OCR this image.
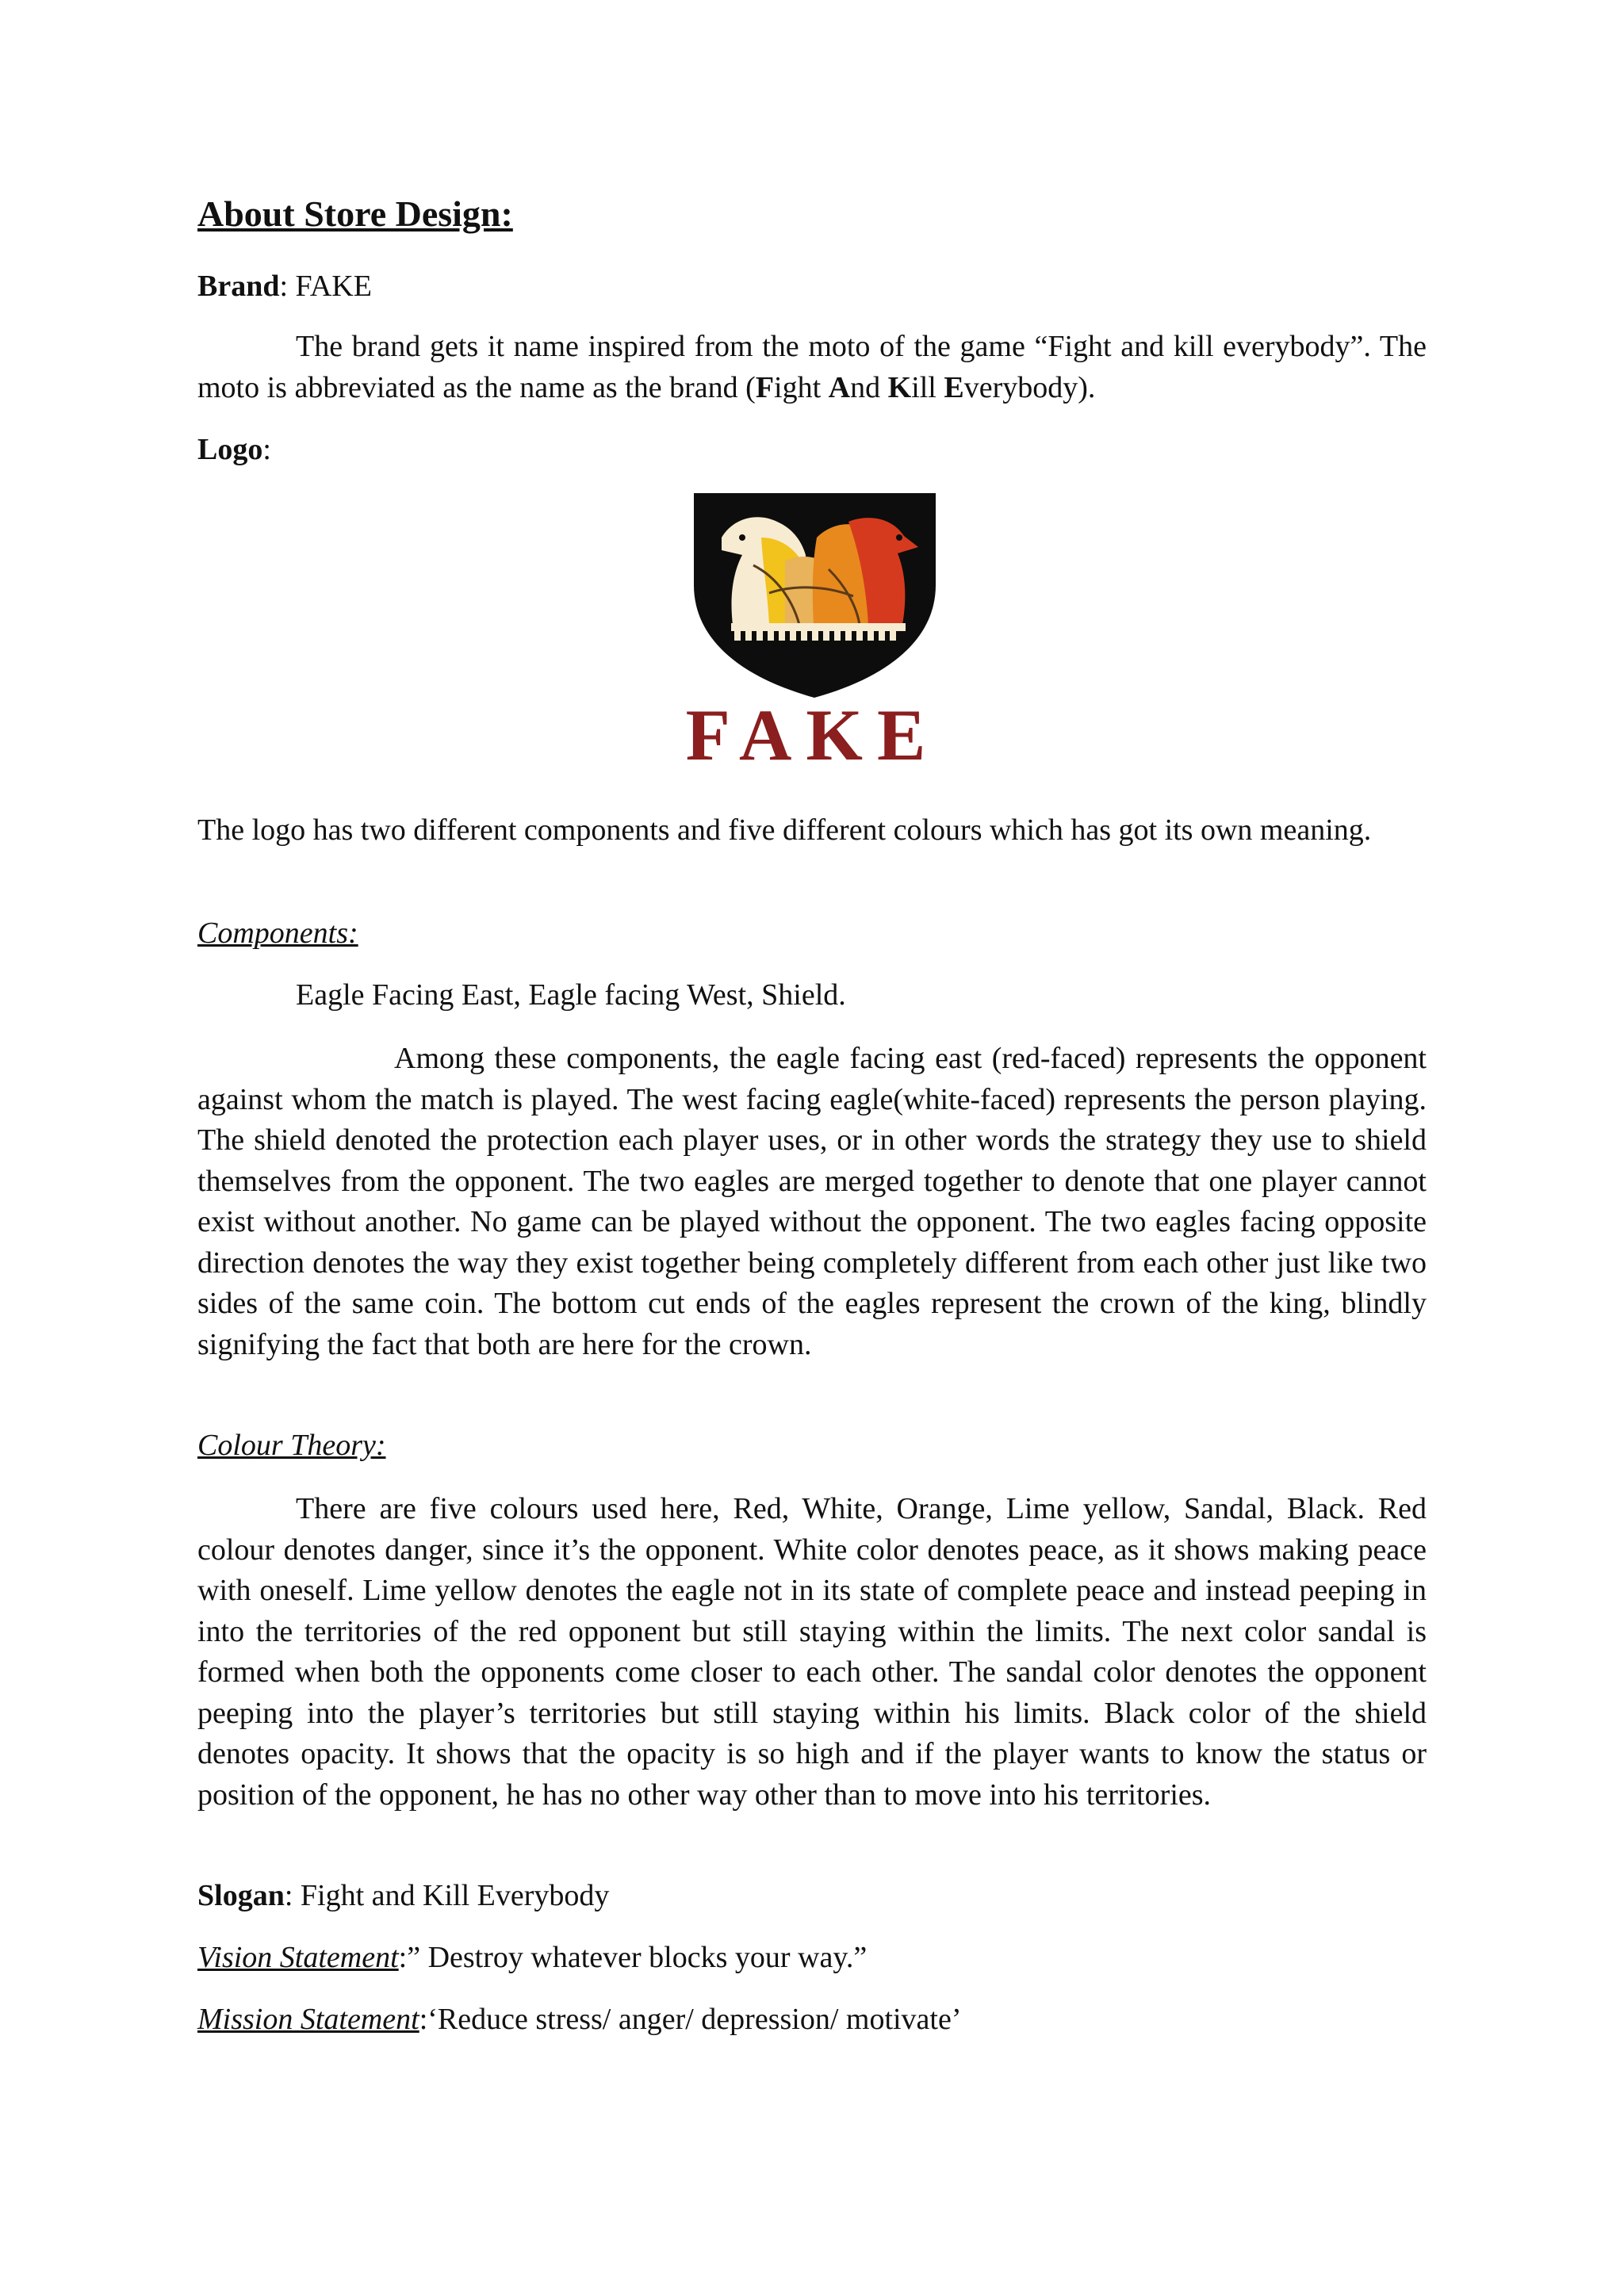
About Store Design:
Brand: FAKE
The brand gets it name inspired from the moto of the game “Fight and kill everybody”. The moto is abbreviated as the name as the brand (Fight And Kill Everybody).
Logo:
FAKE
The logo has two different components and five different colours which has got its own meaning.
Components:
Eagle Facing East, Eagle facing West, Shield.
Among these components, the eagle facing east (red-faced) represents the opponent against whom the match is played. The west facing eagle(white-faced) represents the person playing. The shield denoted the protection each player uses, or in other words the strategy they use to shield themselves from the opponent. The two eagles are merged together to denote that one player cannot exist without another. No game can be played without the opponent. The two eagles facing opposite direction denotes the way they exist together being completely different from each other just like two sides of the same coin. The bottom cut ends of the eagles represent the crown of the king, blindly signifying the fact that both are here for the crown.
Colour Theory:
There are five colours used here, Red, White, Orange, Lime yellow, Sandal, Black. Red colour denotes danger, since it’s the opponent. White color denotes peace, as it shows making peace with oneself. Lime yellow denotes the eagle not in its state of complete peace and instead peeping in into the territories of the red opponent but still staying within the limits. The next color sandal is formed when both the opponents come closer to each other. The sandal color denotes the opponent peeping into the player’s territories but still staying within his limits. Black color of the shield denotes opacity. It shows that the opacity is so high and if the player wants to know the status or position of the opponent, he has no other way other than to move into his territories.
Slogan: Fight and Kill Everybody
Vision Statement:” Destroy whatever blocks your way.”
Mission Statement:‘Reduce stress/ anger/ depression/ motivate’
